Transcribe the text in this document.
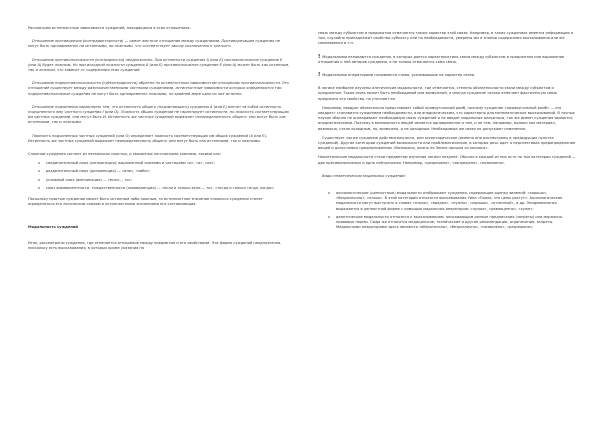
Рассмотрим истинностные зависимости суждений, находящихся в этих отношениях.

Отношение противоречия (контрадикторности) — самое жесткое отношение между суждениями. Противоречащие суждения не могут быть одновременно ни истинными, ни ложными, что соответствует закону исключенного третьего.

Отношение противоположности (контрарности) неоднозначно. При истинности суждения А (или Е) противоположное суждение Е (или А) будет ложным. Но при исходной ложности суждения А (или Е) противоположное суждение Е (или А) может быть как истинным, так и ложным, что зависит от содержания этих суждений.

Отношение подпротивоположности (субконтрарности) обратно по истинностным зависимостям отношению противоположности. Это отношение существует между разнокачественными частными суждениями, истинностные зависимости которых определяются так: подпротивоположные суждения не могут быть одновременно ложными, по крайней мере одно из них истинно.

Отношение подчинения характерно тем, что истинность общего (подчиняющего) суждения А (или Е) влечет за собой истинность подчиненного ему частного суждения I (или О). Ложность общих суждений не гарантирует истинности, но ложность соответствующих им частных суждений, они могут быть И. Истинность же частных суждений выражает неопределенность общего: они могут быть как истинными, так и ложными.

Ложность подчиненных частных суждений (или О) определяет ложность соответствующих им общих суждений (А или Е). Истинность же частных суждений выражает неопределенность общего: они могут быть как истинными, так и ложными.

Сложные суждения состоят из нескольких простых, p связанных логическими союзами, такими как:

o соединительный союз (конъюнкция): выраженный союзами и частицами «и», «а», «но»;
o разделительный союз (дизъюнкция) — «или», «либо»;
o условный союз (импликация) — «если..., то»;
o союз эквивалентности, тождественности (эквиваленция) — «если и только если..., то», «тогда и только тогда, когда»;

Поскольку простые суждения может быть истинным либо ложным, то истинностное значение сложного суждения станет определяться его логическим союзом и истинностными значениями его составляющих.

Модальность суждений

Итак, рассмотрены суждения, где отмечается отношение между предметом и его свойствами. Эта форма суждений неоднозначна, поскольку есть высказывания, в которых кроме указания на

связь между субъектом и предикатом отмечается также характер этой связи. Например, в таких суждениях имеется информация о том, случайно принадлежит свойство субъекту или по необходимости, умерены мы в знании содержания высказывания или же сомневаемся в т.п.

! Модальными называются суждения, в которых дается характеристика связи между субъектом и предикатом или выражение отношения к ней авторов суждения, а не только отмечается сама связь.

! Модальными операторами называются слова, указывающие на характер связи.

В логике наиболее изучены алетические модальности, где отмечается, степень обязательности связи между субъектом и предикатом. Такая связь может быть необходимой или возможной, а иногда суждение только отмечает фактическую связь предиката его свойства, но уточняет ее.

Например, квадрат обязательно представляет собой прямоугольный ромб, поэтому суждение «прямоугольный ромб» — это квадрат» становится суждением необходимости, или аподиктическим, что характерно для математических высказываний. В точных науках обычно не оговаривают необходимую связь суждений и не вводят модальные операторы, так же имеют суждения являются аподиктическими. Поэтому в возможность вещей является одновременно и тем, и не тем, например, молоко как материал, возможно, стало холодным, но, возможно, и не холодным. Необходимые же связи не допускают изменения.

Существует также суждение действительности, или ассерторическое (именно они рассмотрены в предыдущих пунктах суждений). Другие категории суждений возможности или проблематические, в которых речь идет о перспективах предопределения вещей и допустимых предположениях «Возможно, жизнь на Земле пришла из космоса».

Неалетические модальности стали предметом изучения логики позднее. Обычно в каждой из них есть по три категории суждений — два противоположных и одна нейтральная. Например, «разрешено», «запрещено», «позволено».

Виды неалетических модальных суждений:

o аксиологические (ценностные) модальности отображают суждения, содержащие оценку явлений: «хорошо», «безразлично», «плохо». К этой категории относятся высказывания типа «Плохо, что цены растут». Аксиологические модальности могут выступать в словах «плохо», «вредно», «нужно», «хорошо», «отличный», и др. Эпидемиология выражается в ценностной форме с помощью модальных операторов: «лучше», «равноценно», «хуже»;
o деонтические модальности относятся к высказываниям, описывающим разные предписания (запреты) или морально-правовые нормы. Сюда же относятся медицинские, технические и другие рекомендации, ограничения, запреты. Модальными операторами здесь являются «обязательно», «безразлично», «позволено», «разрешено»;
